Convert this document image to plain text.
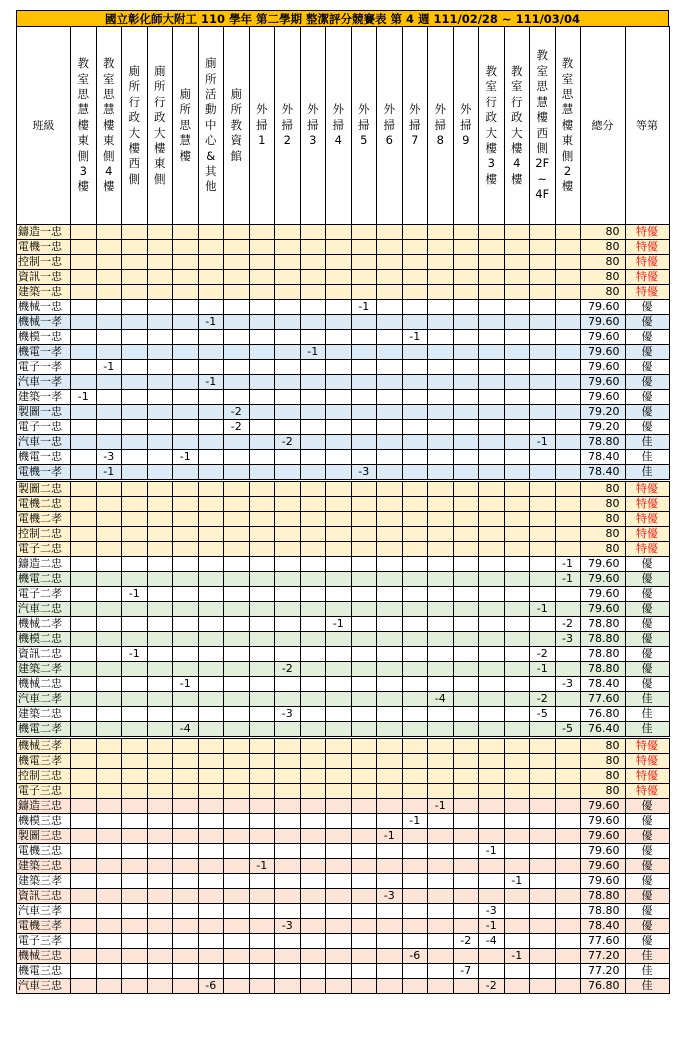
國立彰化師大附工 110 學年 第二學期 整潔評分競賽表 第 4 週 111/02/28 ~ 111/03/04
班級	教室思慧樓東側3樓	教室思慧樓東側4樓	廁所行政大樓西側	廁所行政大樓東側	廁所思慧樓	廁所活動中心&其他	廁所教資館	外掃1	外掃2	外掃3	外掃4	外掃5	外掃6	外掃7	外掃8	外掃9	教室行政大樓3樓	教室行政大樓4樓	教室思慧樓西側2F~4F	教室思慧樓東側2樓	總分	等第
鑄造一忠																					80	特優
電機一忠																					80	特優
控制一忠																					80	特優
資訊一忠																					80	特優
建築一忠																					80	特優
機械一忠												-1									79.60	優
機械一孝						-1															79.60	優
機模一忠														-1							79.60	優
機電一孝										-1											79.60	優
電子一孝		-1																			79.60	優
汽車一孝						-1															79.60	優
建築一孝	-1																				79.60	優
製圖一忠							-2														79.20	優
電子一忠							-2														79.20	優
汽車一忠									-2										-1		78.80	佳
機電一忠		-3			-1																78.40	佳
電機一孝		-1										-3									78.40	佳

製圖二忠																					80	特優
電機二忠																					80	特優
電機二孝																					80	特優
控制二忠																					80	特優
電子二忠																					80	特優
鑄造二忠																				-1	79.60	優
機電二忠																				-1	79.60	優
電子二孝			-1																		79.60	優
汽車二忠																			-1		79.60	優
機械二孝											-1									-2	78.80	優
機模二忠																				-3	78.80	優
資訊二忠			-1																-2		78.80	優
建築二孝									-2										-1		78.80	優
機械二忠					-1															-3	78.40	優
汽車二孝															-4				-2		77.60	佳
建築二忠									-3										-5		76.80	佳
機電二孝					-4															-5	76.40	佳

機械三孝																					80	特優
機電三孝																					80	特優
控制三忠																					80	特優
電子三忠																					80	特優
鑄造三忠															-1						79.60	優
機模三忠														-1							79.60	優
製圖三忠													-1								79.60	優
電機三忠																	-1				79.60	優
建築三忠								-1													79.60	優
建築三孝																		-1			79.60	優
資訊三忠													-3								78.80	優
汽車三孝																	-3				78.80	優
電機三孝									-3								-1				78.40	優
電子三孝																-2	-4				77.60	優
機械三忠														-6				-1			77.20	佳
機電三忠																-7					77.20	佳
汽車三忠						-6											-2				76.80	佳
